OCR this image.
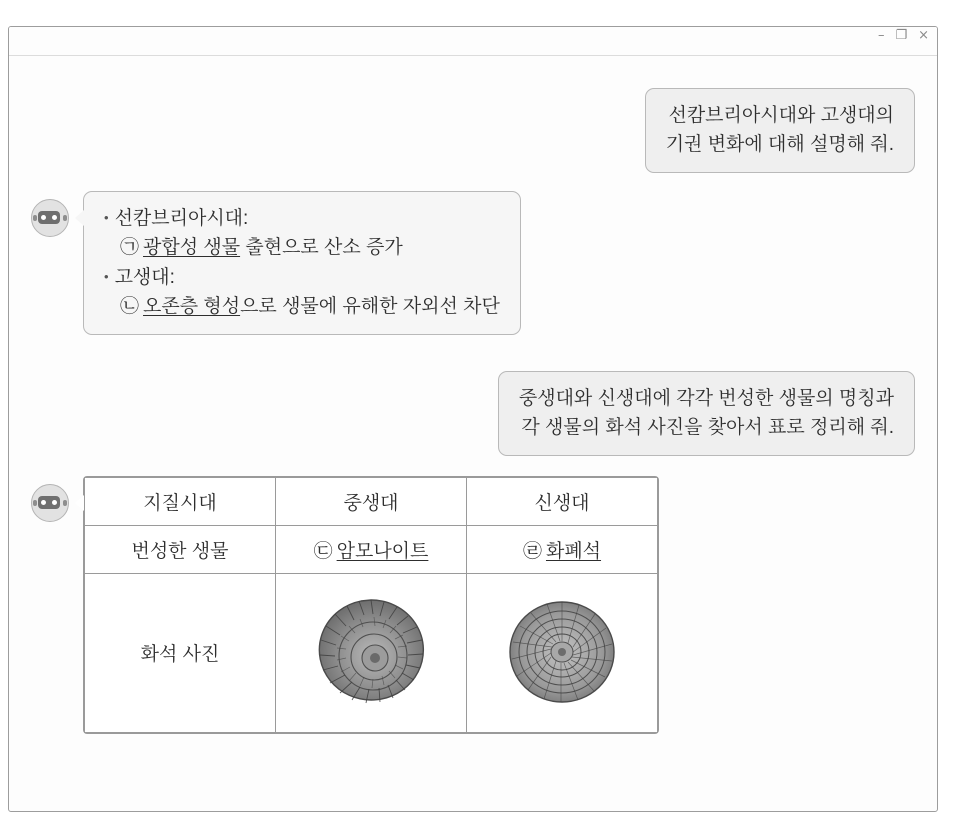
– ❐ ×
선캄브리아시대와 고생대의
기권 변화에 대해 설명해 줘.
• 선캄브리아시대:
㉠ 광합성 생물 출현으로 산소 증가
• 고생대:
㉡ 오존층 형성으로 생물에 유해한 자외선 차단
중생대와 신생대에 각각 번성한 생물의 명칭과
각 생물의 화석 사진을 찾아서 표로 정리해 줘.
지질시대	중생대	신생대
번성한 생물	㉢ 암모나이트	㉣ 화폐석
화석 사진	
